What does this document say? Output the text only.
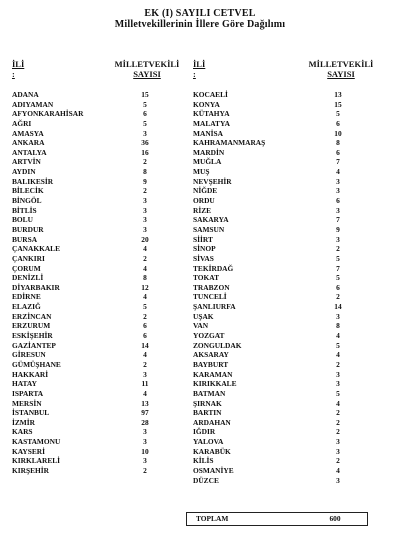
EK (I) SAYILI CETVEL
Milletvekillerinin İllere Göre Dağılımı
İLİ
:
MİLLETVEKİLİ
SAYISI
ADANA	15
ADIYAMAN	5
AFYONKARAHİSAR	6
AĞRI	5
AMASYA	3
ANKARA	36
ANTALYA	16
ARTVİN	2
AYDIN	8
BALIKESİR	9
BİLECİK	2
BİNGÖL	3
BİTLİS	3
BOLU	3
BURDUR	3
BURSA	20
ÇANAKKALE	4
ÇANKIRI	2
ÇORUM	4
DENİZLİ	8
DİYARBAKIR	12
EDİRNE	4
ELAZIĞ	5
ERZİNCAN	2
ERZURUM	6
ESKİŞEHİR	6
GAZİANTEP	14
GİRESUN	4
GÜMÜŞHANE	2
HAKKARİ	3
HATAY	11
ISPARTA	4
MERSİN	13
İSTANBUL	97
İZMİR	28
KARS	3
KASTAMONU	3
KAYSERİ	10
KIRKLARELİ	3
KIRŞEHİR	2
İLİ
:
MİLLETVEKİLİ
SAYISI
KOCAELİ	13
KONYA	15
KÜTAHYA	5
MALATYA	6
MANİSA	10
KAHRAMANMARAŞ	8
MARDİN	6
MUĞLA	7
MUŞ	4
NEVŞEHİR	3
NİĞDE	3
ORDU	6
RİZE	3
SAKARYA	7
SAMSUN	9
SİİRT	3
SİNOP	2
SİVAS	5
TEKİRDAĞ	7
TOKAT	5
TRABZON	6
TUNCELİ	2
ŞANLIURFA	14
UŞAK	3
VAN	8
YOZGAT	4
ZONGULDAK	5
AKSARAY	4
BAYBURT	2
KARAMAN	3
KIRIKKALE	3
BATMAN	5
ŞIRNAK	4
BARTIN	2
ARDAHAN	2
IĞDIR	2
YALOVA	3
KARABÜK	3
KİLİS	2
OSMANİYE	4
DÜZCE	3
TOPLAM	600
